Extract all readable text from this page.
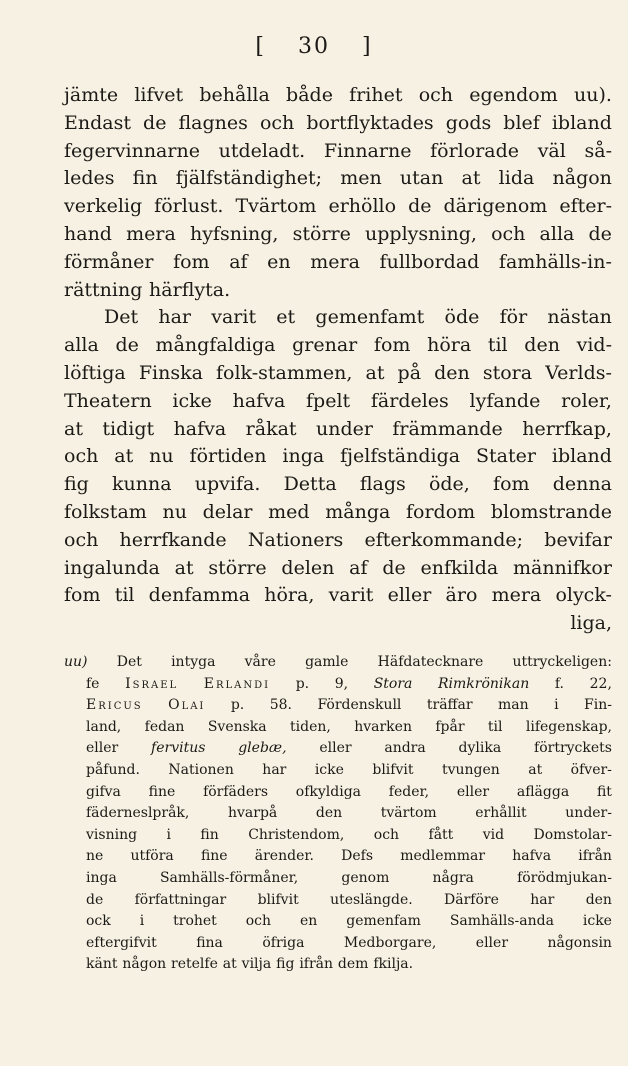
[ 30 ]
jämte lifvet behålla både frihet och egendom uu).
Endast de flagnes och bortflyktades gods blef ibland
fegervinnarne utdeladt. Finnarne förlorade väl så-
ledes fin fjälfständighet; men utan at lida någon
verkelig förlust. Tvärtom erhöllo de därigenom efter-
hand mera hyfsning, större upplysning, och alla de
förmåner fom af en mera fullbordad famhälls-in-
rättning härflyta.
Det har varit et gemenfamt öde för nästan
alla de mångfaldiga grenar fom höra til den vid-
löftiga Finska folk-stammen, at på den stora Verlds-
Theatern icke hafva fpelt färdeles lyfande roler,
at tidigt hafva råkat under främmande herrfkap,
och at nu förtiden inga fjelfständiga Stater ibland
fig kunna upvifa. Detta flags öde, fom denna
folkstam nu delar med många fordom blomstrande
och herrfkande Nationers efterkommande; bevifar
ingalunda at större delen af de enfkilda männifkor
fom til denfamma höra, varit eller äro mera olyck-
liga,
uu) Det intyga våre gamle Häfdatecknare uttryckeligen:
fe Israel Erlandi p. 9, Stora Rimkrönikan f. 22,
Ericus Olai p. 58. Fördenskull träffar man i Fin-
land, fedan Svenska tiden, hvarken fpår til lifegenskap,
eller fervitus glebæ, eller andra dylika förtryckets
påfund. Nationen har icke blifvit tvungen at öfver-
gifva fine förfäders ofkyldiga feder, eller aflägga fit
fäderneslpråk,	hvarpå	den	tvärtom	erhållit	under-
visning i fin Christendom, och fått vid Domstolar-
ne utföra fine ärender. Defs medlemmar hafva ifrån
inga	Samhälls-förmåner,	genom	några	förödmjukan-
de författningar blifvit uteslängde. Därföre har den
ock i trohet och en gemenfam Samhälls-anda icke
eftergifvit	fina	öfriga	Medborgare,	eller	någonsin
känt någon retelfe at vilja fig ifrån dem fkilja.
